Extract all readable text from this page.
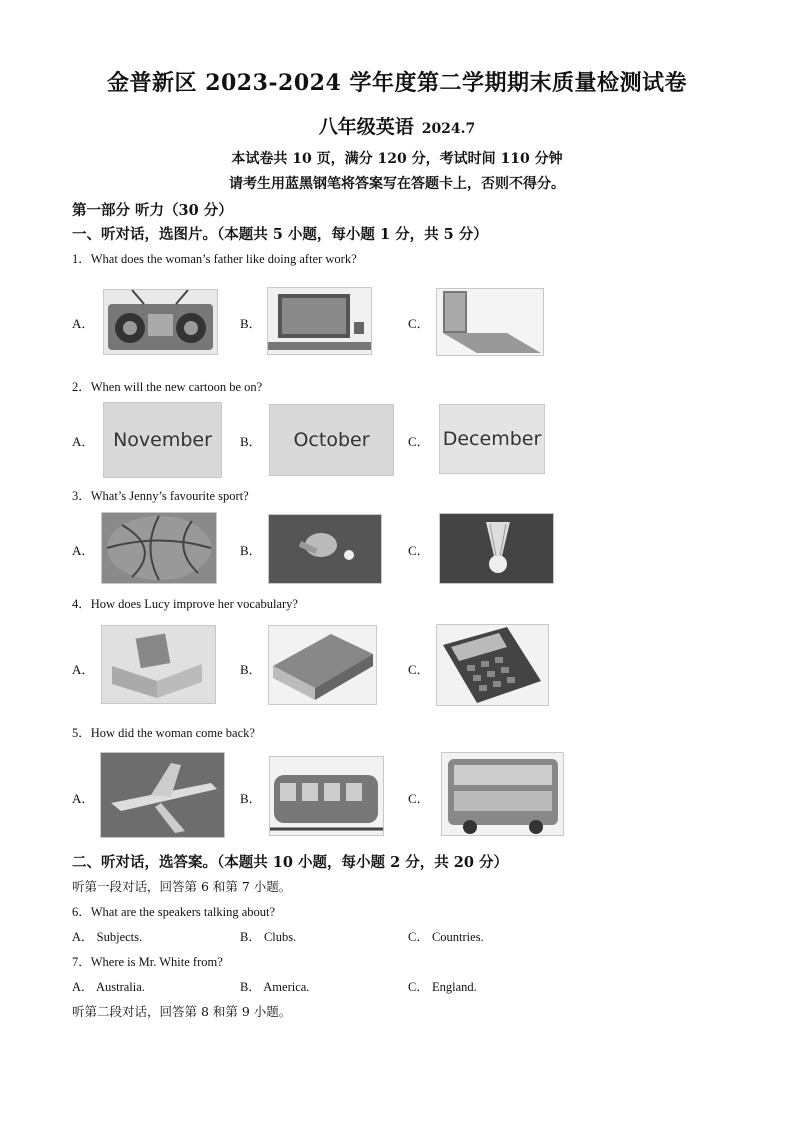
金普新区 2023-2024 学年度第二学期期末质量检测试卷
八年级英语 2024.7
本试卷共 10 页，满分 120 分，考试时间 110 分钟
请考生用蓝黑钢笔将答案写在答题卡上，否则不得分。
第一部分 听力（30 分）
一、听对话，选图片。（本题共 5 小题，每小题 1 分，共 5 分）
1．What does the woman’s father like doing after work?
A．	B．	C．
2．When will the new cartoon be on?
A． November	B．	October	C． December
3．What’s Jenny’s favourite sport?
A．	B．	C．
4．How does Lucy improve her vocabulary?
A．	B．	C．
5．How did the woman come back?
A．	B．	C．
二、听对话，选答案。（本题共 10 小题，每小题 2 分，共 20 分）
听第一段对话，回答第 6 和第 7 小题。
6．What are the speakers talking about?
A． Subjects.	B． Clubs.	C． Countries.
7．Where is Mr. White from?
A． Australia.	B． America.	C． England.
听第二段对话，回答第 8 和第 9 小题。
